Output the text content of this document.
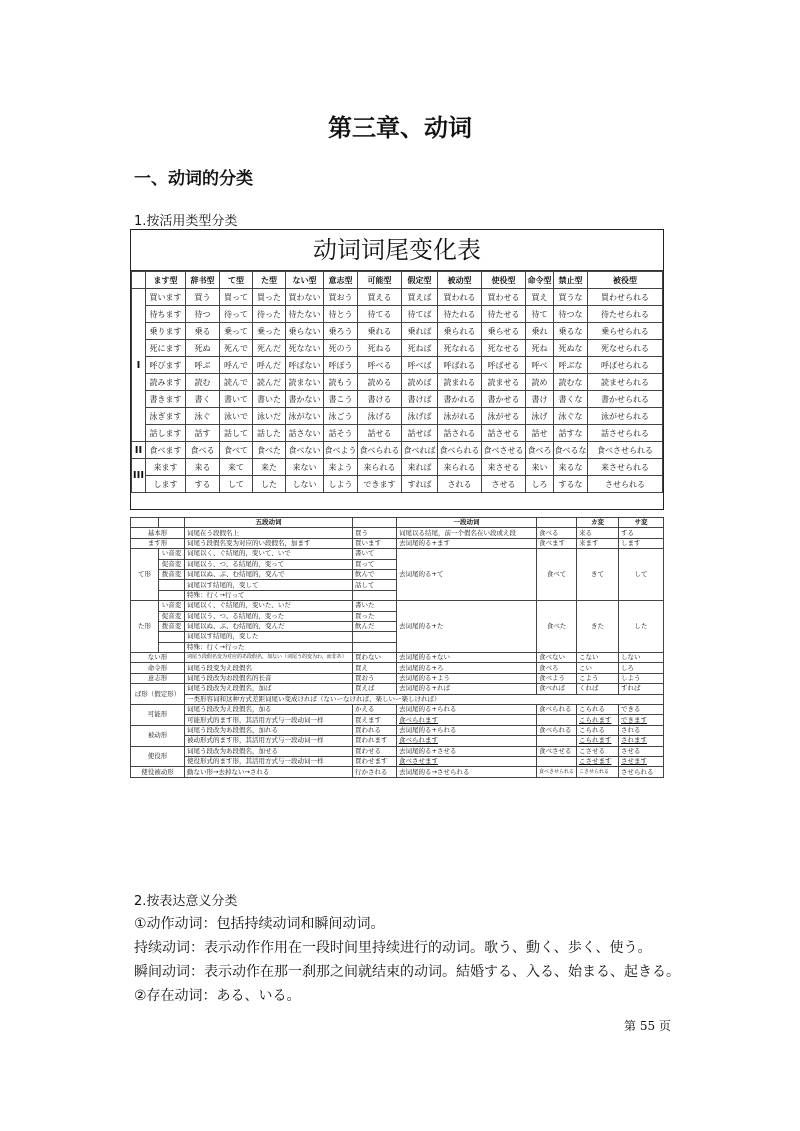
第三章、动词
一、动词的分类
1.按活用类型分类
动词词尾变化表
	ます型	辞书型	て型	た型	ない型	意志型	可能型	假定型	被动型	使役型	命令型	禁止型	被役型
I	買います	買う	買って	買った	買わない	買おう	買える	買えば	買われる	買わせる	買え	買うな	買わせられる
	待ちます	待つ	待って	待った	待たない	待とう	待てる	待てば	待たれる	待たせる	待て	待つな	待たせられる
	乗ります	乗る	乗って	乗った	乗らない	乗ろう	乗れる	乗れば	乗られる	乗らせる	乗れ	乗るな	乗らせられる
	死にます	死ぬ	死んで	死んだ	死なない	死のう	死ねる	死ねば	死なれる	死なせる	死ね	死ぬな	死なせられる
	呼びます	呼ぶ	呼んで	呼んだ	呼ばない	呼ぼう	呼べる	呼べば	呼ばれる	呼ばせる	呼べ	呼ぶな	呼ばせられる
	読みます	読む	読んで	読んだ	読まない	読もう	読める	読めば	読まれる	読ませる	読め	読むな	読ませられる
	書きます	書く	書いて	書いた	書かない	書こう	書ける	書けば	書かれる	書かせる	書け	書くな	書かせられる
	泳ぎます	泳ぐ	泳いで	泳いだ	泳がない	泳ごう	泳げる	泳げば	泳がれる	泳がせる	泳げ	泳ぐな	泳がせられる
	話します	話す	話して	話した	話さない	話そう	話せる	話せば	話される	話させる	話せ	話すな	話させられる
II	食べます	食べる	食べて	食べた	食べない	食べよう	食べられる	食べれば	食べられる	食べさせる	食べろ	食べるな	食べさせられる
III	来ます	来る	来て	来た	来ない	来よう	来られる	来れば	来られる	来させる	来い	来るな	来させられる
	します	する	して	した	しない	しよう	できます	すれば	される	させる	しろ	するな	させられる
		五段动词		一段动词		カ変	サ変
基本形		词尾在う段假名上	買う	词尾以る结尾，前一个假名在い段或え段	食べる	来る	する
ます形		词尾う段假名变为对应的い段假名，加ます	買います	去词尾的る+ます	食べます	来ます	します
て形	い音変	词尾以く、ぐ结尾的，变いて、いで	書いて	去词尾的る+て	食べて	きて	して
	促音変	词尾以う、つ、る结尾的，变って	買って				
	拨音変	词尾以ぬ、ぶ、む结尾的，变んで	飲んで				
		词尾以す结尾的，变して	話して				
		特殊：行く→行って					
た形	い音変	词尾以く、ぐ结尾的，变いた、いだ	書いた	去词尾的る+た	食べた	きた	した
	促音変	词尾以う、つ、る结尾的，变った	買った				
	拨音変	词尾以ぬ、ぶ、む结尾的，变んだ	飲んだ				
		词尾以す结尾的，变した					
		特殊：行く→行った					
ない形		词尾う段假名变为对应的あ段假名，加ない（词尾う的变为わ，而非あ）	買わない	去词尾的る+ない	食べない	こない	しない
命令形		词尾う段变为え段假名	買え	去词尾的る+ろ	食べろ	こい	しろ
意志形		词尾う段改为お段假名的长音	買おう	去词尾的る+よう	食べよう	こよう	しよう
ば形（假定形）		词尾う段改为え段假名，加ば	買えば	去词尾的る+れば	食べれば	くれば	すれば
		一类形容词和这种方式差距词尾い变成ければ（ないーなければ、楽しいー楽しければ）					
可能形		词尾う段改为え段假名，加る	かえる	去词尾的る+られる	食べられる	こられる	できる
		可能形式的ます形，其活用方式与一段动词一样	買えます	食べられます		こられます	できます
被动形		词尾う段改为あ段假名，加れる	買われる	去词尾的る+られる	食べられる	こられる	される
		被动形式的ます形，其活用方式与一段动词一样	買われます	食べられます		こられます	されます
使役形		词尾う段改为あ段假名，加せる	買わせる	去词尾的る+させる	食べさせる	こさせる	させる
		使役形式的ます形，其活用方式与一段动词一样	買わせます	食べさせます		こさせます	させます
使役被动形		動ない形→去掉ない→される	行かされる	去词尾的る→させられる	食べさせられる	こさせられる	させられる
2.按表达意义分类
①动作动词：包括持续动词和瞬间动词。
持续动词：表示动作作用在一段时间里持续进行的动词。歌う、動く、歩く、使う。
瞬间动词：表示动作在那一刹那之间就结束的动词。結婚する、入る、始まる、起きる。
②存在动词：ある、いる。
第 55 页
